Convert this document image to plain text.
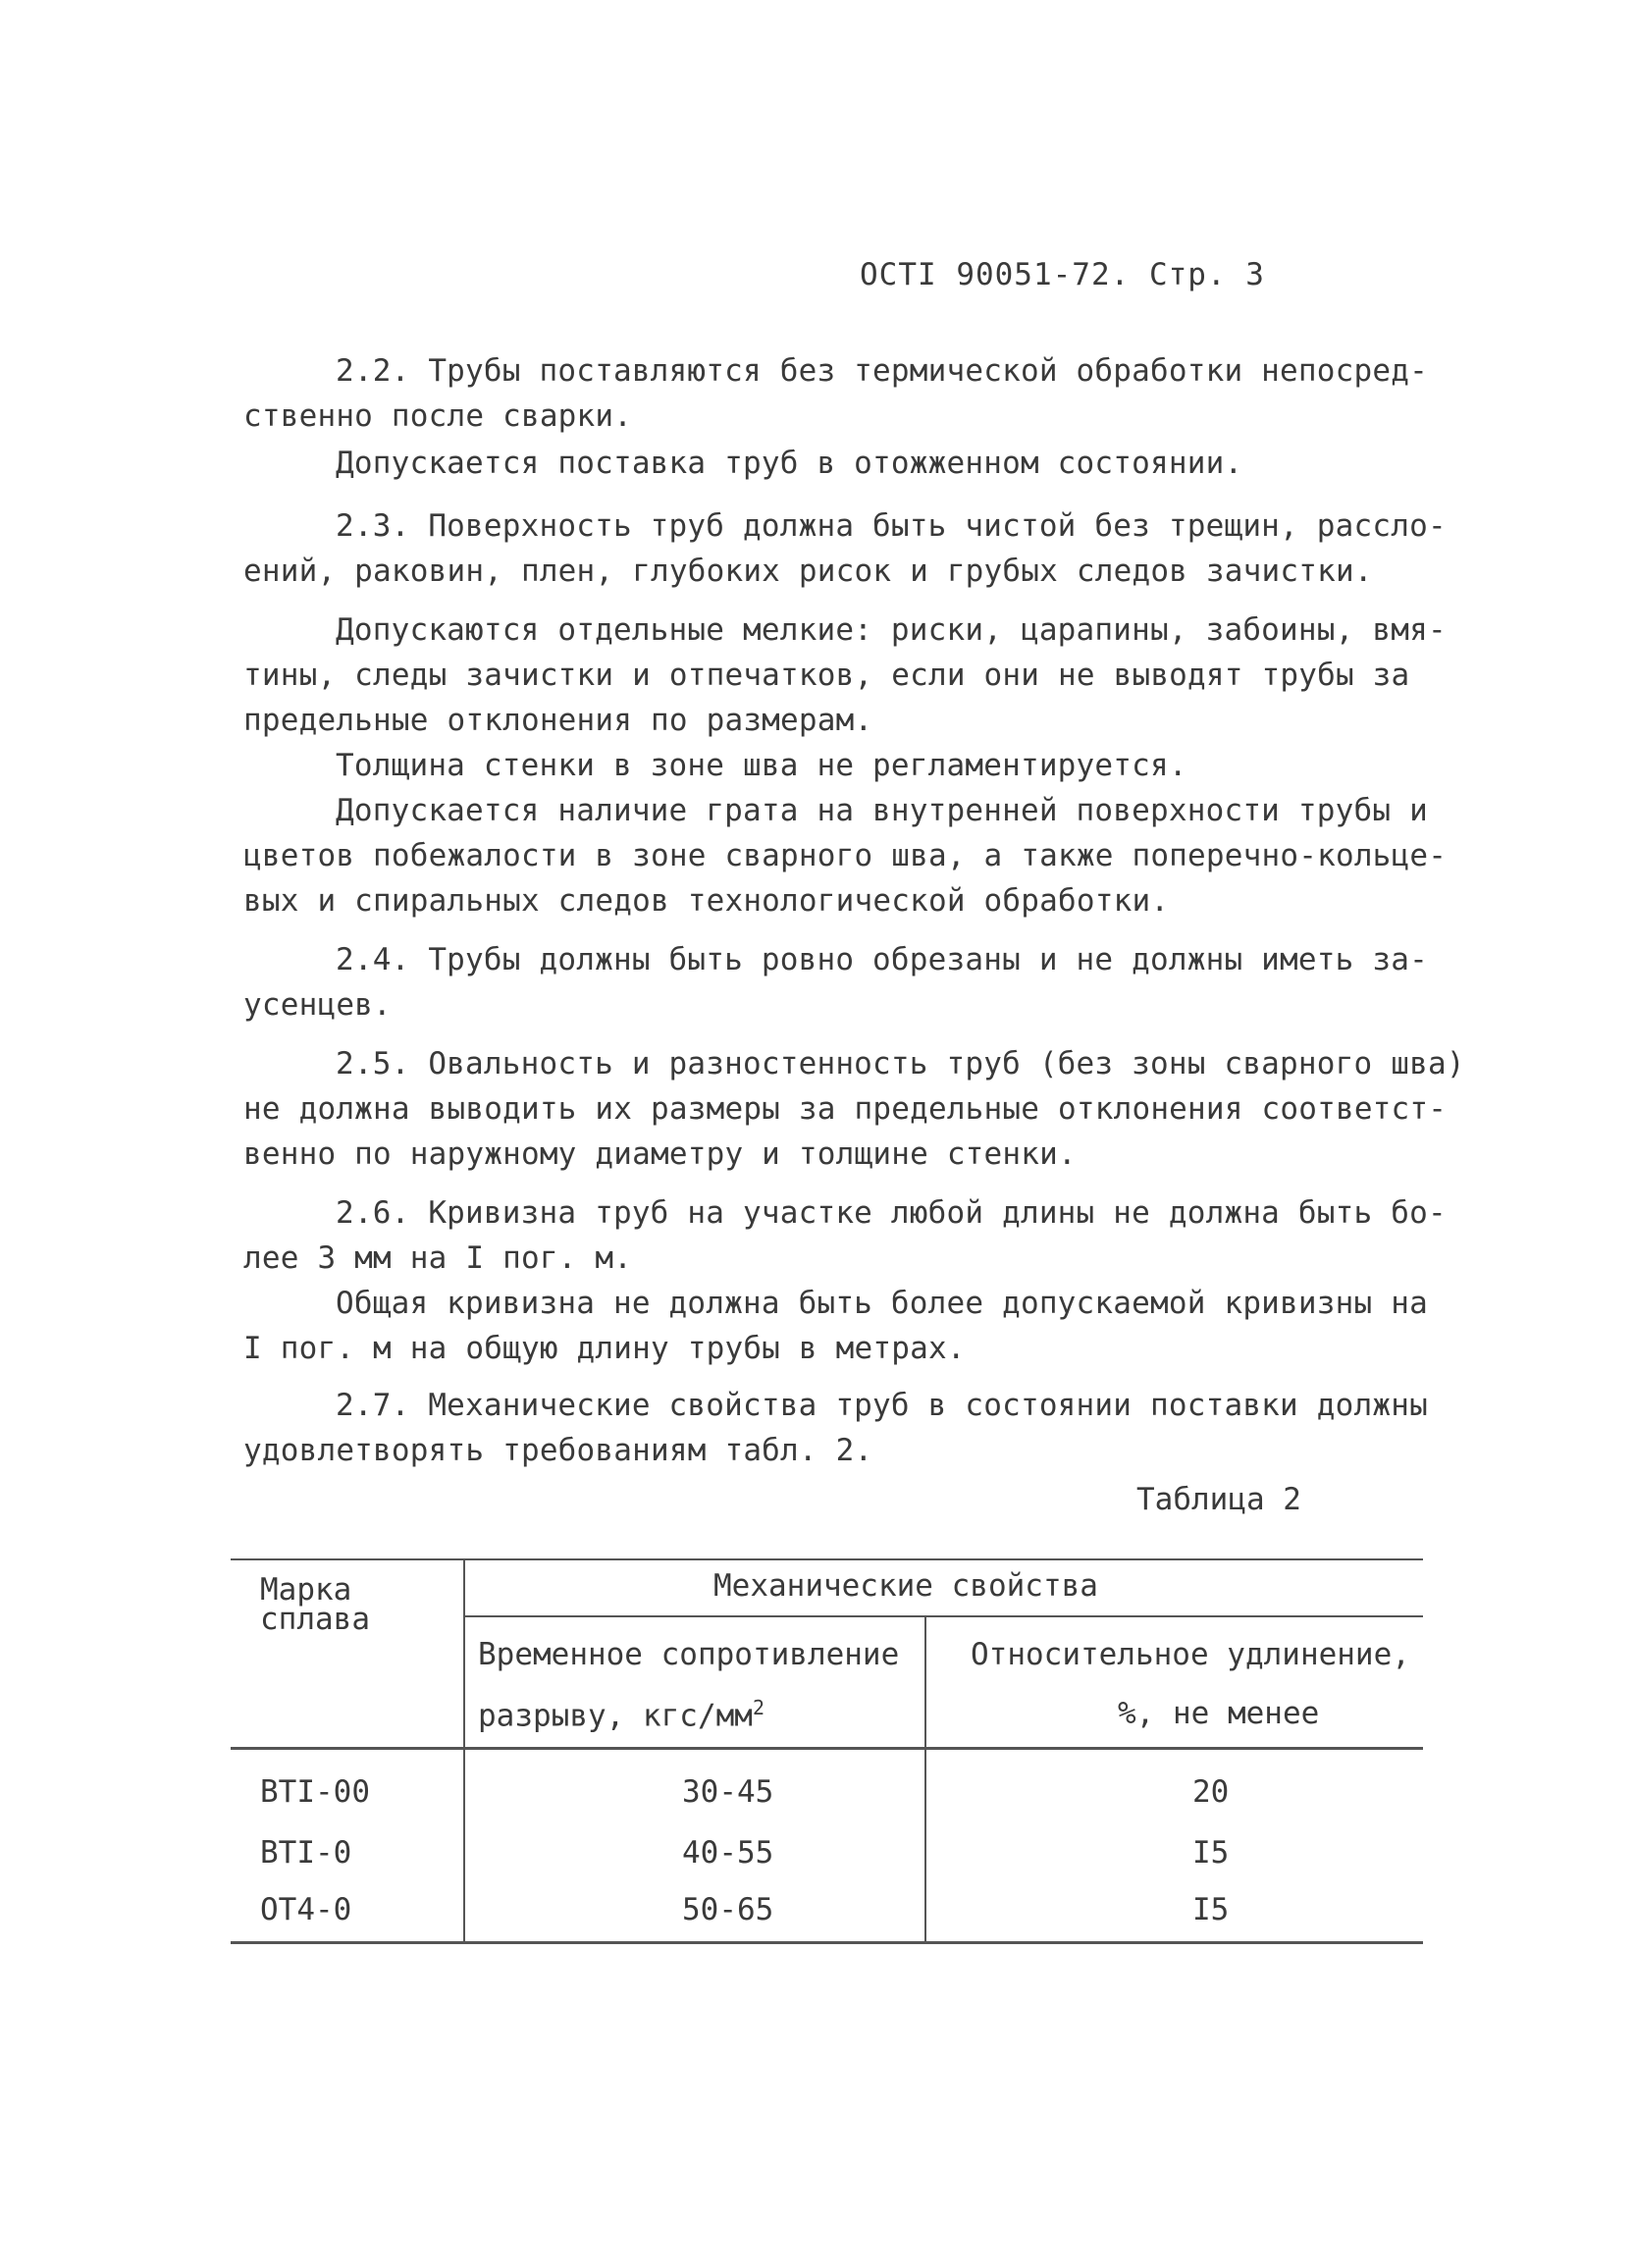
ОСТI 90051-72. Стр. 3
2.2. Трубы поставляются без термической обработки непосред-
ственно после сварки.
Допускается поставка труб в отожженном состоянии.
2.3. Поверхность труб должна быть чистой без трещин, рассло-
ений, раковин, плен, глубоких рисок и грубых следов зачистки.
Допускаются отдельные мелкие: риски, царапины, забоины, вмя-
тины, следы зачистки и отпечатков, если они не выводят трубы за
предельные отклонения по размерам.
Толщина стенки в зоне шва не регламентируется.
Допускается наличие грата на внутренней поверхности трубы и
цветов побежалости в зоне сварного шва, а также поперечно-кольце-
вых и спиральных следов технологической обработки.
2.4. Трубы должны быть ровно обрезаны и не должны иметь за-
усенцев.
2.5. Овальность и разностенность труб (без зоны сварного шва)
не должна выводить их размеры за предельные отклонения соответст-
венно по наружному диаметру и толщине стенки.
2.6. Кривизна труб на участке любой длины не должна быть бо-
лее 3 мм на I пог. м.
Общая кривизна не должна быть более допускаемой кривизны на
I пог. м на общую длину трубы в метрах.
2.7. Механические свойства труб в состоянии поставки должны
удовлетворять требованиям табл. 2.
Таблица 2
Марка
сплава
Механические свойства
Временное сопротивление
разрыву, кгс/$мм^2$
Относительное удлинение,
%, не менее
ВТI-00	30-45	20
ВТI-0	40-55	I5
ОТ4-0	50-65	I5
